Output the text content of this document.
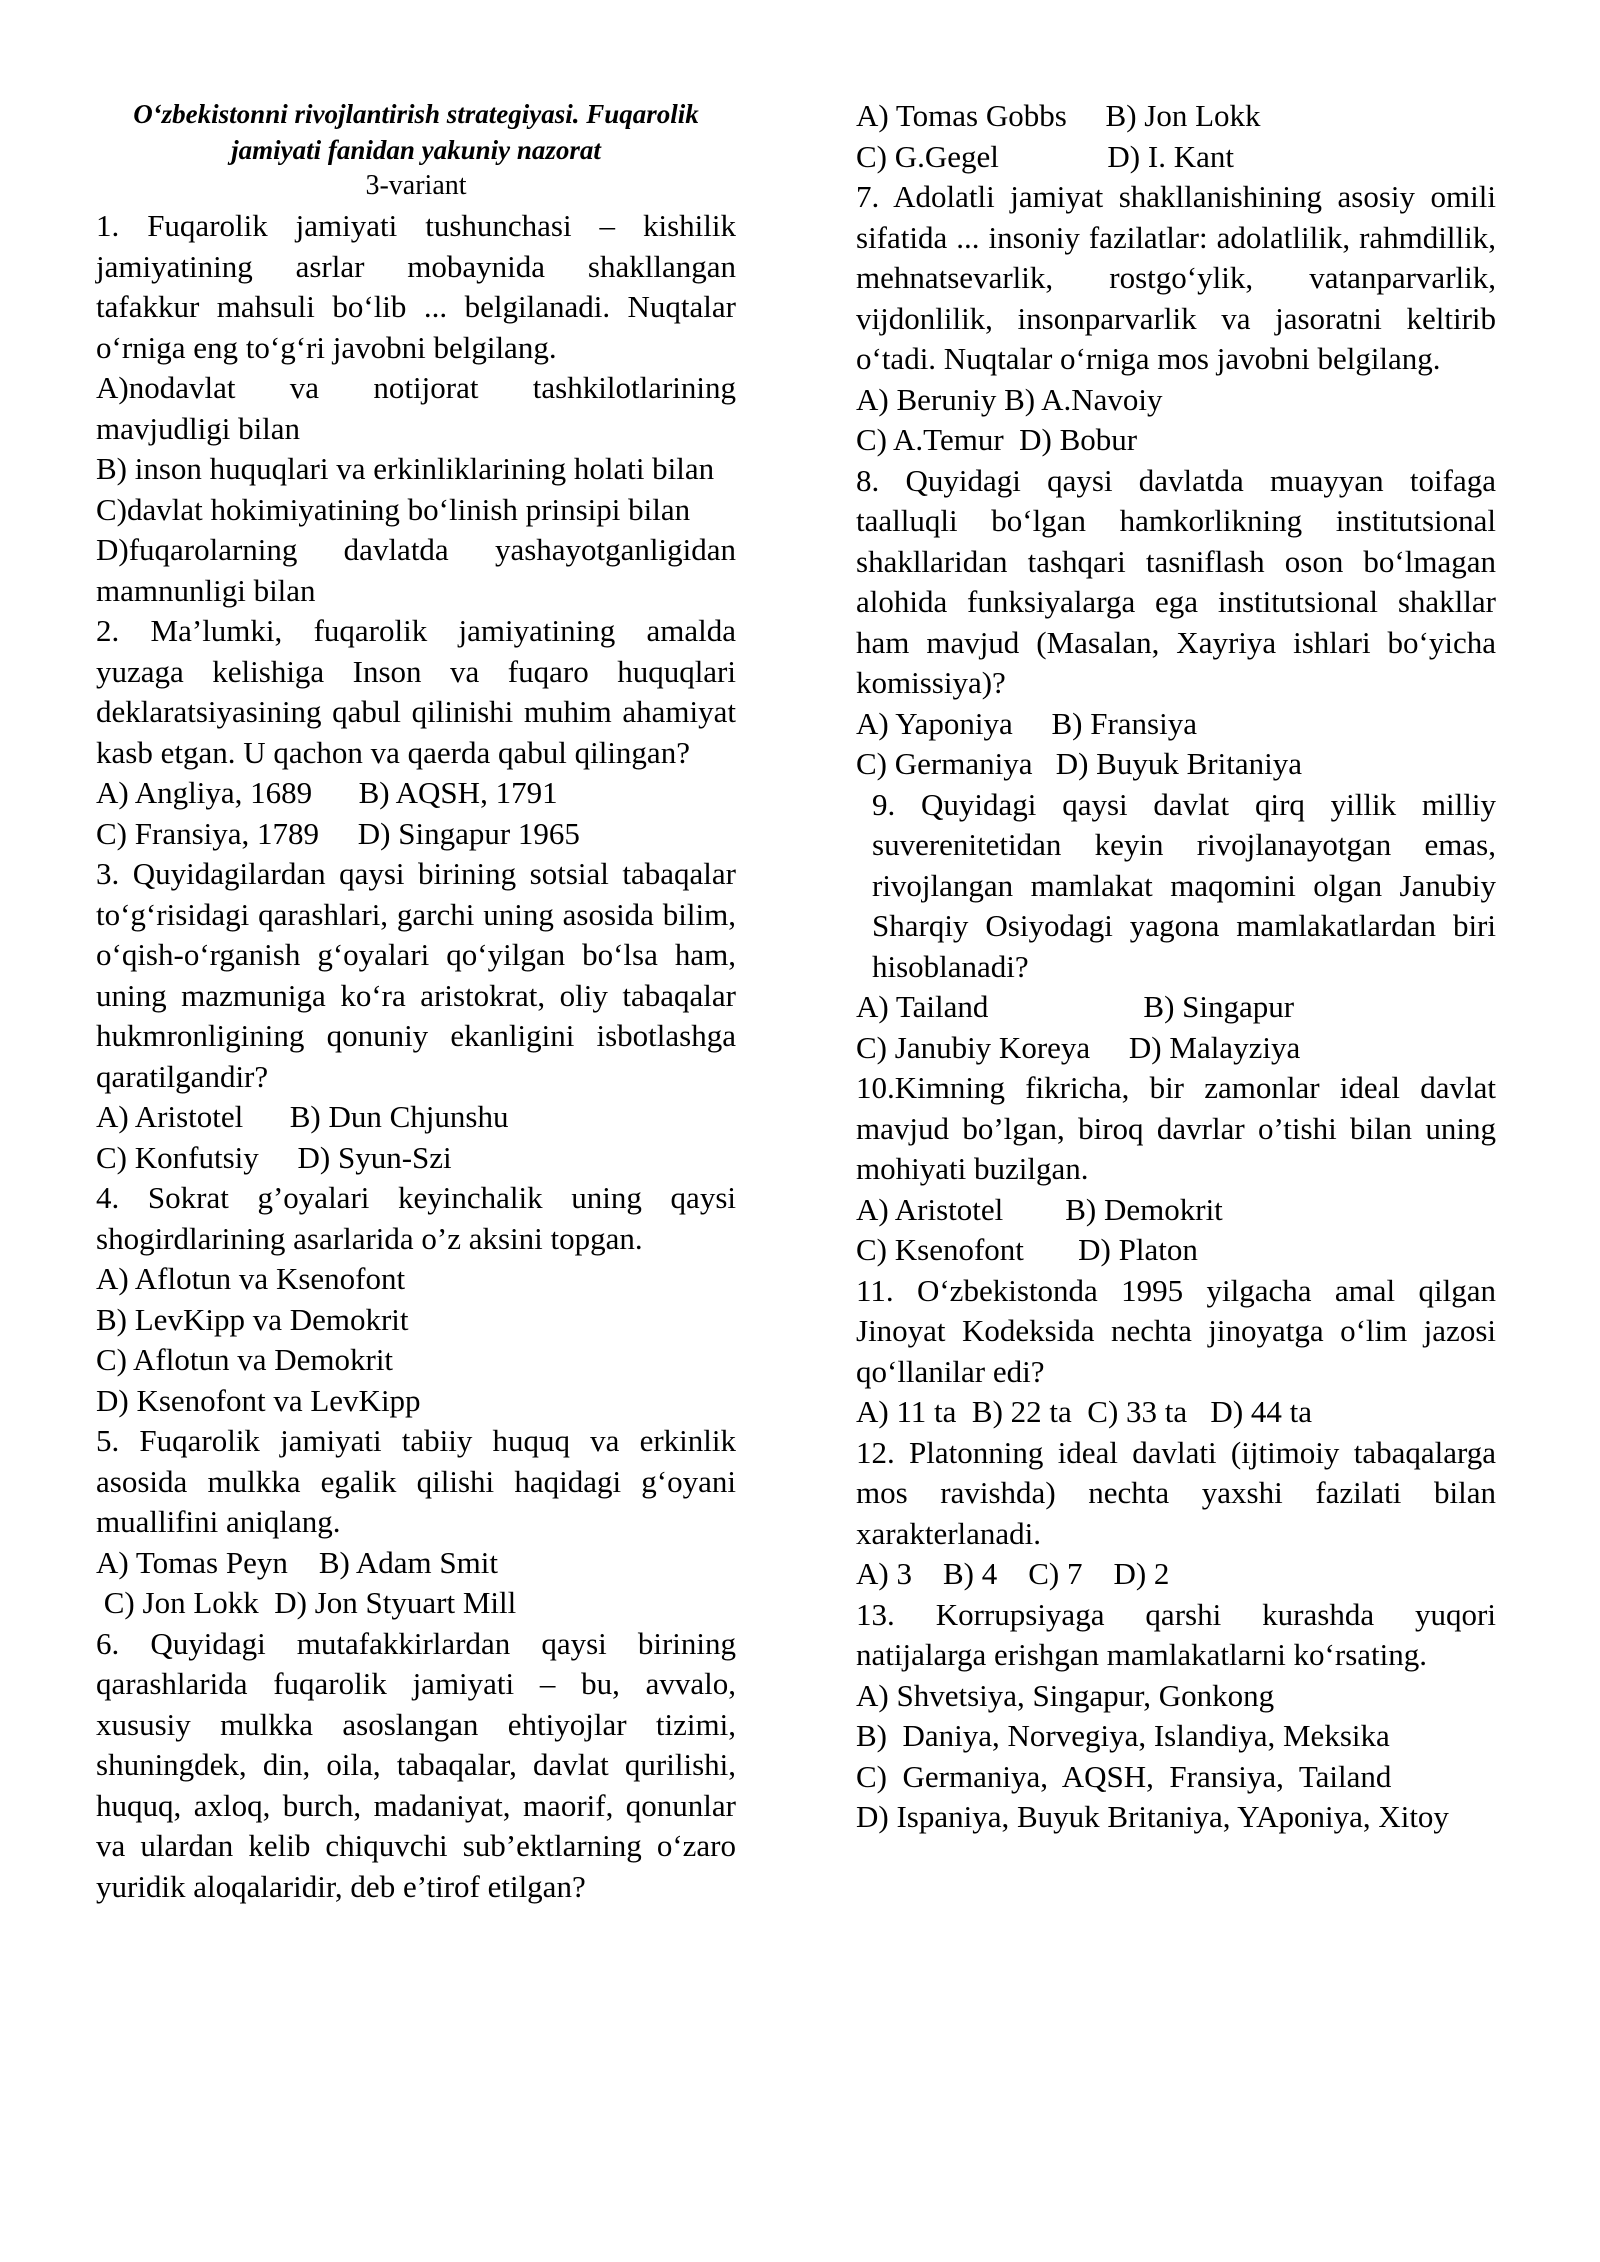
O‘zbekistonni rivojlantirish strategiyasi. Fuqarolik

jamiyati fanidan yakuniy nazorat

3-variant

1. Fuqarolik jamiyati tushunchasi – kishilik jamiyatining asrlar mobaynida shakllangan tafakkur mahsuli bo‘lib ... belgilanadi. Nuqtalar o‘rniga eng to‘g‘ri javobni belgilang.

A)nodavlat va notijorat tashkilotlarining mavjudligi bilan

B) inson huquqlari va erkinliklarining holati bilan

C)davlat hokimiyatining bo‘linish prinsipi bilan

D)fuqarolarning davlatda yashayotganligidan mamnunligi bilan

2. Ma’lumki, fuqarolik jamiyatining amalda yuzaga kelishiga Inson va fuqaro huquqlari deklaratsiyasining qabul qilinishi muhim ahamiyat kasb etgan. U qachon va qaerda qabul qilingan?

A) Angliya, 1689      B) AQSH, 1791

C) Fransiya, 1789     D) Singapur 1965

3. Quyidagilardan qaysi birining sotsial tabaqalar to‘g‘risidagi qarashlari, garchi uning asosida bilim, o‘qish-o‘rganish g‘oyalari qo‘yilgan bo‘lsa ham, uning mazmuniga ko‘ra aristokrat, oliy tabaqalar hukmronligining qonuniy ekanligini isbotlashga qaratilgandir?

A) Aristotel      B) Dun Chjunshu

C) Konfutsiy     D) Syun-Szi

4. Sokrat g’oyalari keyinchalik uning qaysi shogirdlarining asarlarida o’z aksini topgan.

A) Aflotun va Ksenofont

B) LevKipp va Demokrit

C) Aflotun va Demokrit

D) Ksenofont va LevKipp

5. Fuqarolik jamiyati tabiiy huquq va erkinlik asosida mulkka egalik qilishi haqidagi g‘oyani muallifini aniqlang.

A) Tomas Peyn    B) Adam Smit

C) Jon Lokk  D) Jon Styuart Mill

6. Quyidagi mutafakkirlardan qaysi birining qarashlarida fuqarolik jamiyati – bu, avvalo, xususiy mulkka asoslangan ehtiyojlar tizimi, shuningdek, din, oila, tabaqalar, davlat qurilishi, huquq, axloq, burch, madaniyat, maorif, qonunlar va ulardan kelib chiquvchi sub’ektlarning o‘zaro yuridik aloqalaridir, deb e’tirof etilgan?

A) Tomas Gobbs     B) Jon Lokk

C) G.Gegel              D) I. Kant

7. Adolatli jamiyat shakllanishining asosiy omili sifatida ... insoniy fazilatlar: adolatlilik, rahmdillik, mehnatsevarlik, rostgo‘ylik, vatanparvarlik, vijdonlilik, insonparvarlik va jasoratni keltirib o‘tadi. Nuqtalar o‘rniga mos javobni belgilang.

A) Beruniy B) A.Navoiy

C) A.Temur  D) Bobur

8. Quyidagi qaysi davlatda muayyan toifaga taalluqli bo‘lgan hamkorlikning institutsional shakllaridan tashqari tasniflash oson bo‘lmagan alohida funksiyalarga ega institutsional shakllar ham mavjud (Masalan, Xayriya ishlari bo‘yicha komissiya)?

A) Yaponiya     B) Fransiya

C) Germaniya   D) Buyuk Britaniya

9. Quyidagi qaysi davlat qirq yillik milliy suverenitetidan keyin rivojlanayotgan emas, rivojlangan mamlakat maqomini olgan Janubiy Sharqiy Osiyodagi yagona mamlakatlardan biri hisoblanadi?

A) Tailand                    B) Singapur

C) Janubiy Koreya     D) Malayziya

10.Kimning fikricha, bir zamonlar ideal davlat mavjud bo’lgan, biroq davrlar o’tishi bilan uning mohiyati buzilgan.

A) Aristotel        B) Demokrit

C) Ksenofont       D) Platon

11. O‘zbekistonda 1995 yilgacha amal qilgan Jinoyat Kodeksida nechta jinoyatga o‘lim jazosi qo‘llanilar edi?

A) 11 ta  B) 22 ta  C) 33 ta   D) 44 ta

12. Platonning ideal davlati (ijtimoiy tabaqalarga mos ravishda) nechta yaxshi fazilati bilan xarakterlanadi.

A) 3    B) 4    C) 7    D) 2

13. Korrupsiyaga qarshi kurashda yuqori natijalarga erishgan mamlakatlarni ko‘rsating.

A) Shvetsiya, Singapur, Gonkong

B)  Daniya, Norvegiya, Islandiya, Meksika

C)  Germaniya,  AQSH,  Fransiya,  Tailand

D) Ispaniya, Buyuk Britaniya, YAponiya, Xitoy
